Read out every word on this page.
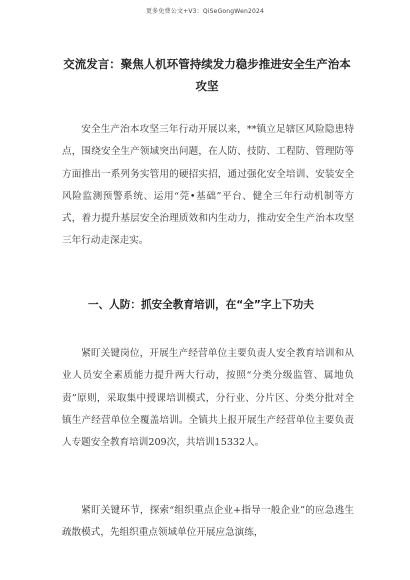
更多免费公文+V3：QiSeGongWen2024
交流发言：聚焦人机环管持续发力稳步推进安全生产治本
攻坚

安全生产治本攻坚三年行动开展以来，**镇立足辖区风险隐患特点，围绕安全生产领域突出问题，在人防、技防、工程防、管理防等方面推出一系列务实管用的硬招实招，通过强化安全培训、安装安全风险监测预警系统、运用“莞•基础”平台、健全三年行动机制等方式，着力提升基层安全治理质效和内生动力，推动安全生产治本攻坚三年行动走深走实。

一、人防：抓安全教育培训，在“全”字上下功夫

紧盯关键岗位，开展生产经营单位主要负责人安全教育培训和从业人员安全素质能力提升两大行动，按照“分类分级监管、属地负责”原则，采取集中授课培训模式，分行业、分片区、分类分批对全镇生产经营单位全覆盖培训。全镇共上报开展生产经营单位主要负责人专题安全教育培训209次，共培训15332人。

紧盯关键环节，探索“组织重点企业+指导一般企业”的应急逃生疏散模式，先组织重点领域单位开展应急演练，
